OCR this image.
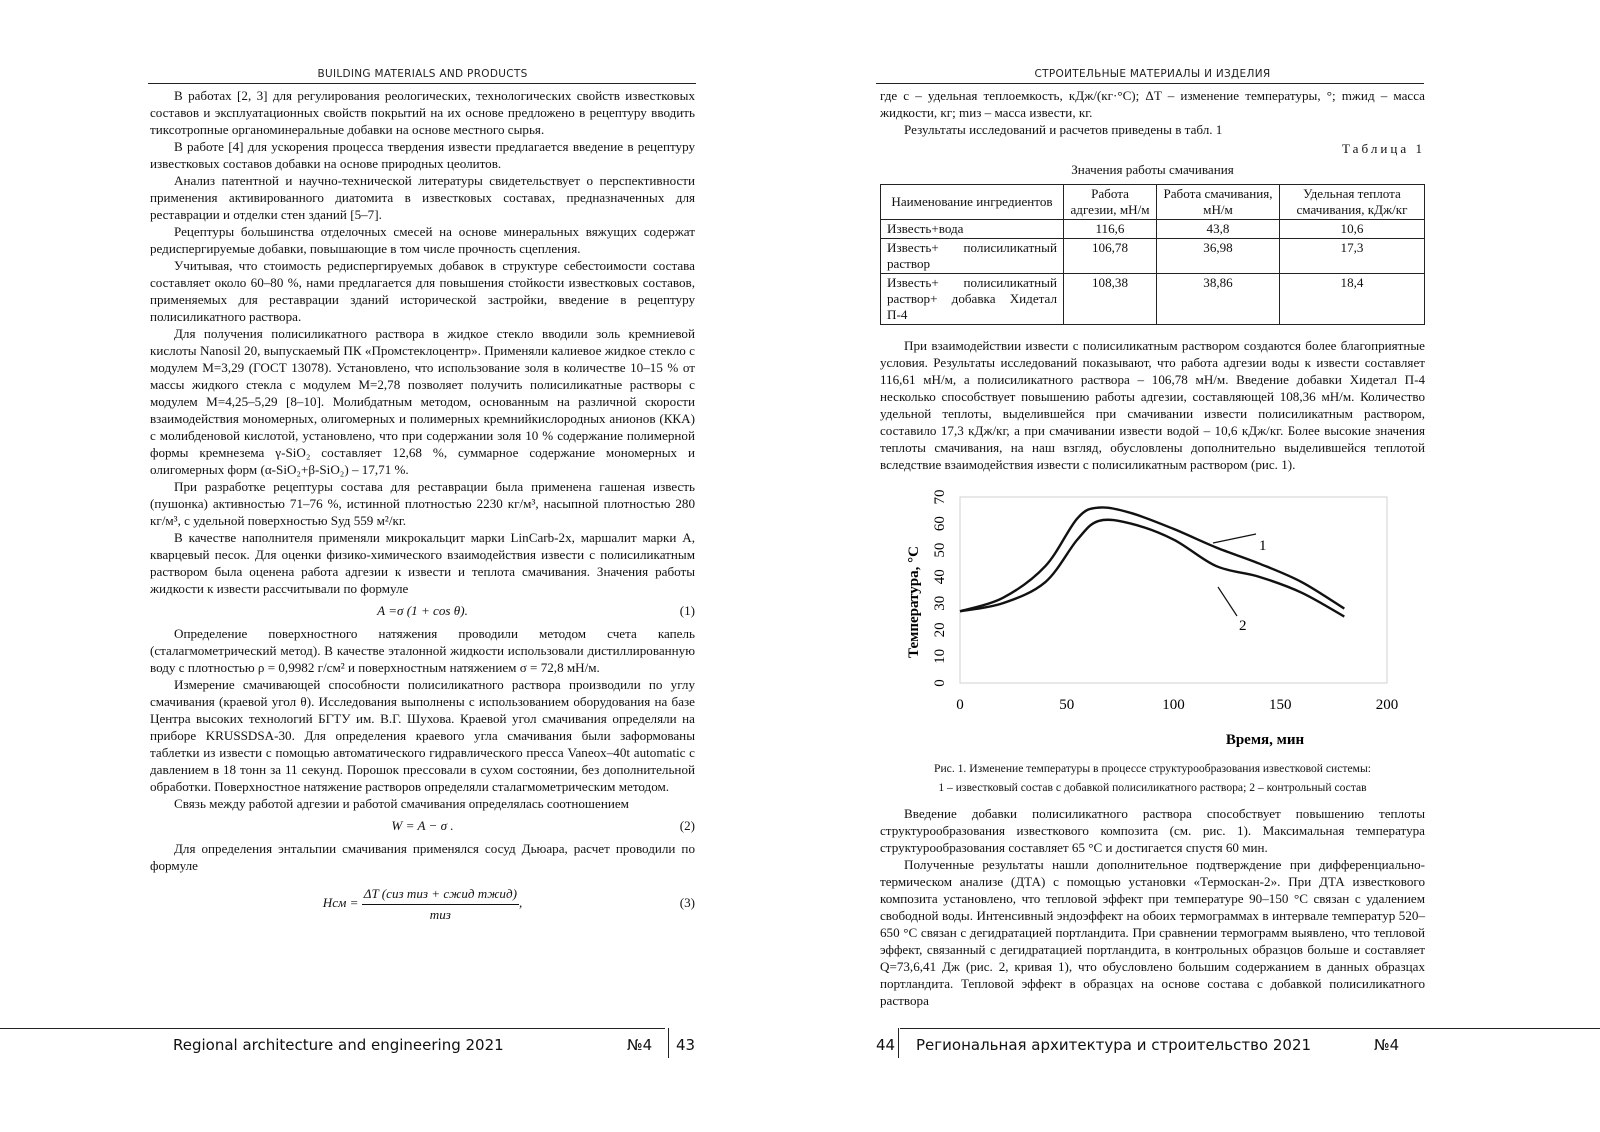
BUILDING MATERIALS AND PRODUCTS

В работах [2, 3] для регулирования реологических, технологических свойств известковых составов и эксплуатационных свойств покрытий на их основе предложено в рецептуру вводить тиксотропные органоминеральные добавки на основе местного сырья.

В работе [4] для ускорения процесса твердения извести предлагается введение в рецептуру известковых составов добавки на основе природных цеолитов.

Анализ патентной и научно-технической литературы свидетельствует о перспективности применения активированного диатомита в известковых составах, предназначенных для реставрации и отделки стен зданий [5–7].

Рецептуры большинства отделочных смесей на основе минеральных вяжущих содержат редиспергируемые добавки, повышающие в том числе прочность сцепления.

Учитывая, что стоимость редиспергируемых добавок в структуре себестоимости состава составляет около 60–80 %, нами предлагается для повышения стойкости известковых составов, применяемых для реставрации зданий исторической застройки, введение в рецептуру полисиликатного раствора.

Для получения полисиликатного раствора в жидкое стекло вводили золь кремниевой кислоты Nanosil 20, выпускаемый ПК «Промстеклоцентр». Применяли калиевое жидкое стекло с модулем М=3,29 (ГОСТ 13078). Установлено, что использование золя в количестве 10–15 % от массы жидкого стекла с модулем М=2,78 позволяет получить полисиликатные растворы с модулем М=4,25–5,29 [8–10]. Молибдатным методом, основанным на различной скорости взаимодействия мономерных, олигомерных и полимерных кремнийкислородных анионов (ККА) с молибденовой кислотой, установлено, что при содержании золя 10 % содержание полимерной формы кремнезема γ-SiO₂ составляет 12,68 %, суммарное содержание мономерных и олигомерных форм (α-SiO₂+β-SiO₂) – 17,71 %.

При разработке рецептуры состава для реставрации была применена гашеная известь (пушонка) активностью 71–76 %, истинной плотностью 2230 кг/м³, насыпной плотностью 280 кг/м³, с удельной поверхностью Sуд 559 м²/кг.

В качестве наполнителя применяли микрокальцит марки LinCarb-2x, маршалит марки А, кварцевый песок. Для оценки физико-химического взаимодействия извести с полисиликатным раствором была оценена работа адгезии к извести и теплота смачивания. Значения работы жидкости к извести рассчитывали по формуле

A =σ (1 + cos θ).	(1)

Определение поверхностного натяжения проводили методом счета капель (сталагмометрический метод). В качестве эталонной жидкости использовали дистиллированную воду с плотностью ρ = 0,9982 г/см² и поверхностным натяжением σ = 72,8 мН/м.

Измерение смачивающей способности полисиликатного раствора производили по углу смачивания (краевой угол θ). Исследования выполнены с использованием оборудования на базе Центра высоких технологий БГТУ им. В.Г. Шухова. Краевой угол смачивания определяли на приборе KRUSSDSA-30. Для определения краевого угла смачивания были заформованы таблетки из извести с помощью автоматического гидравлического пресса Vaneox–40t automatic с давлением в 18 тонн за 11 секунд. Порошок прессовали в сухом состоянии, без дополнительной обработки. Поверхностное натяжение растворов определяли сталагмометрическим методом.

Связь между работой адгезии и работой смачивания определялась соотношением

W = A − σ .	(2)

Для определения энтальпии смачивания применялся сосуд Дьюара, расчет проводили по формуле

Hсм = $\frac{\text{ΔT (cиз mиз + cжид mжид)}}{\text{mиз}}$ ,	(3)
Regional architecture and engineering 2021	№4 43
СТРОИТЕЛЬНЫЕ МАТЕРИАЛЫ И ИЗДЕЛИЯ

где c – удельная теплоемкость, кДж/(кг·°С); ΔT – изменение температуры, °; mжид – масса жидкости, кг; mиз – масса извести, кг.

Результаты исследований и расчетов приведены в табл. 1

Таблица 1
Значения работы смачивания
Наименование ингредиентов	Работа адгезии, мН/м	Работа смачивания, мН/м	Удельная теплота смачивания, кДж/кг
Известь+вода	116,6	43,8	10,6
Известь+ полисиликатный раствор	106,78	36,98	17,3
Известь+ полисиликатный раствор+ добавка Хидетал П-4	108,38	38,86	18,4

При взаимодействии извести с полисиликатным раствором создаются более благоприятные условия. Результаты исследований показывают, что работа адгезии воды к извести составляет 116,61 мН/м, а полисиликатного раствора – 106,78 мН/м. Введение добавки Хидетал П-4 несколько способствует повышению работы адгезии, составляющей 108,36 мН/м. Количество удельной теплоты, выделившейся при смачивании извести полисиликатным раствором, составило 17,3 кДж/кг, а при смачивании извести водой – 10,6 кДж/кг. Более высокие значения теплоты смачивания, на наш взгляд, обусловлены дополнительно выделившейся теплотой вследствие взаимодействия извести с полисиликатным раствором (рис. 1).

0	50	100	150	200
0
10
20
30
40
50
60
70
Время, мин
Температура, °С
1
2
Рис. 1. Изменение температуры в процессе структурообразования известковой системы:
1 – известковый состав с добавкой полисиликатного раствора; 2 – контрольный состав

Введение добавки полисиликатного раствора способствует повышению теплоты структурообразования известкового композита (см. рис. 1). Максимальная температура структурообразования составляет 65 °С и достигается спустя 60 мин.

Полученные результаты нашли дополнительное подтверждение при дифференциально-термическом анализе (ДТА) с помощью установки «Термоскан-2». При ДТА известкового композита установлено, что тепловой эффект при температуре 90–150 °С связан с удалением свободной воды. Интенсивный эндоэффект на обоих термограммах в интервале температур 520–650 °С связан с дегидратацией портландита. При сравнении термограмм выявлено, что тепловой эффект, связанный с дегидратацией портландита, в контрольных образцов больше и составляет Q=73,6,41 Дж (рис. 2, кривая 1), что обусловлено большим содержанием в данных образцах портландита. Тепловой эффект в образцах на основе состава с добавкой полисиликатного раствора

44 Региональная архитектура и строительство 2021	№4
